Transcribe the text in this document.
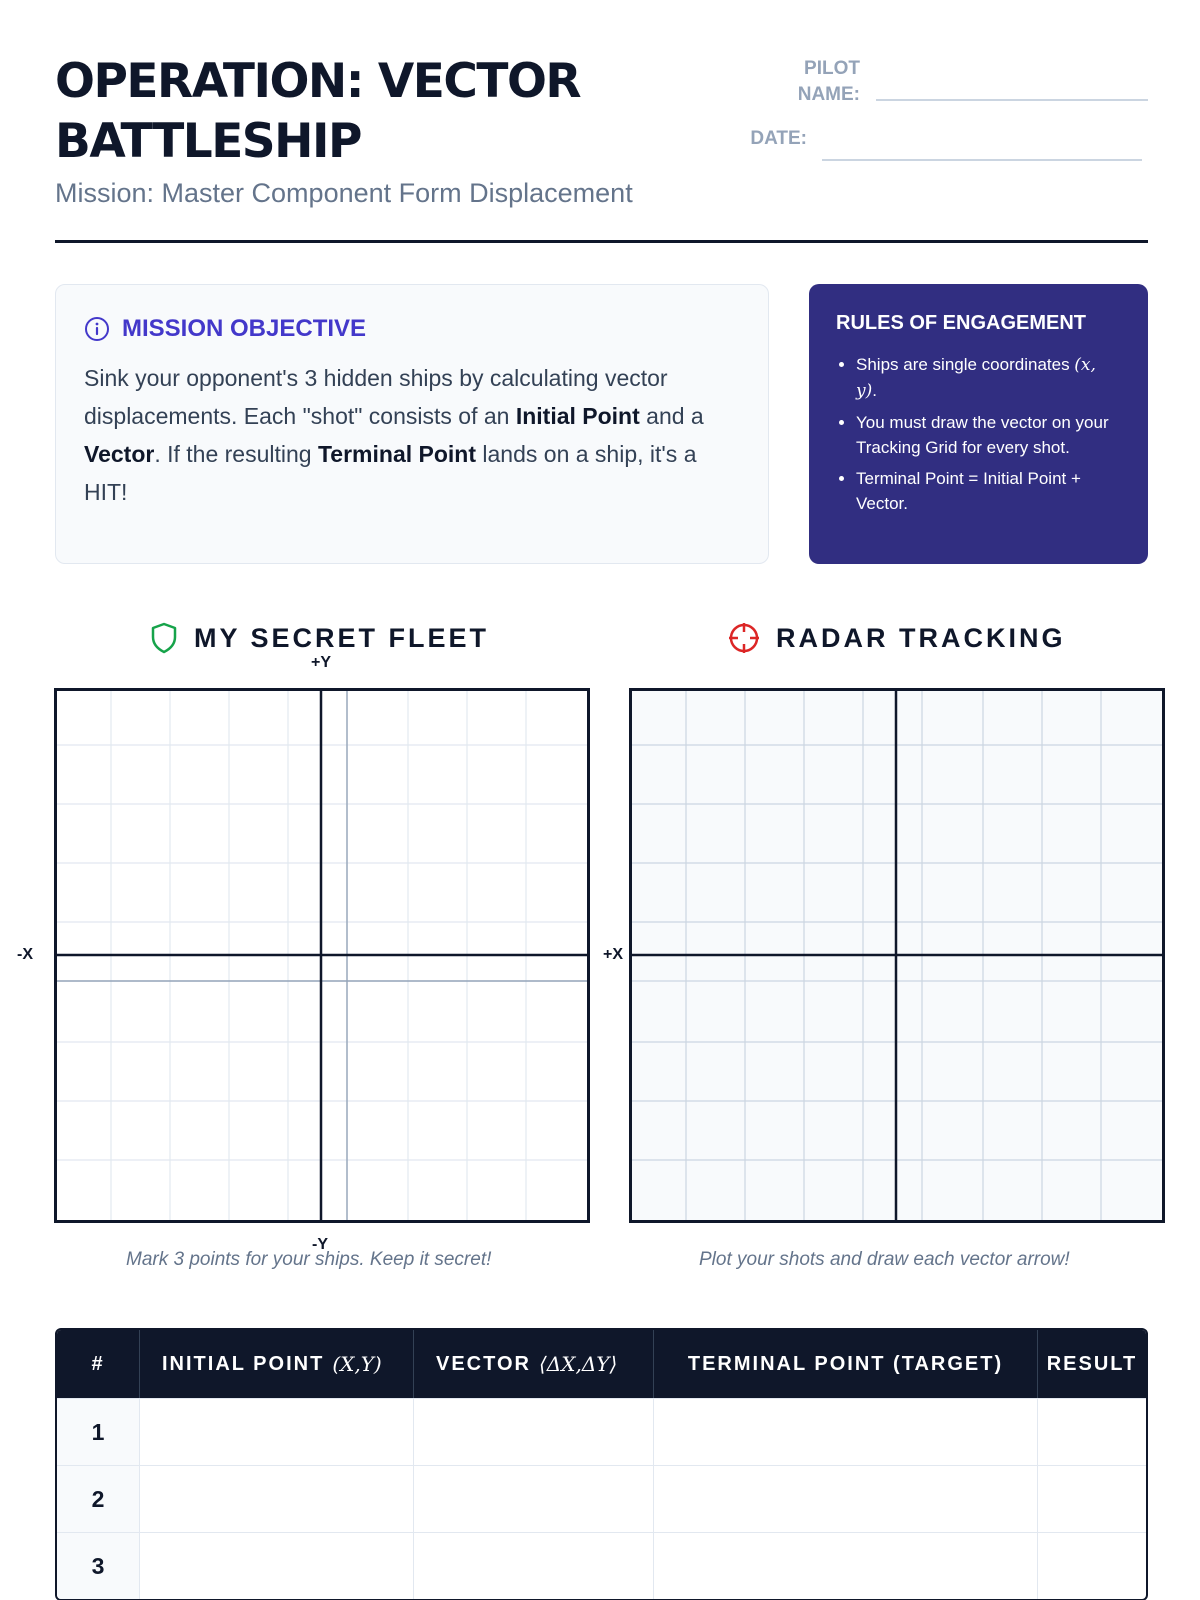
OPERATION: VECTOR
BATTLESHIP
Mission: Master Component Form Displacement
PILOT
NAME:
DATE:
MISSION OBJECTIVE
Sink your opponent's 3 hidden ships by calculating vector displacements. Each "shot" consists of an Initial Point and a Vector. If the resulting Terminal Point lands on a ship, it's a HIT!
RULES OF ENGAGEMENT
• Ships are single coordinates (x, y).
• You must draw the vector on your Tracking Grid for every shot.
• Terminal Point = Initial Point + Vector.
MY SECRET FLEET	RADAR TRACKING
+Y
-Y
-X	+X
Mark 3 points for your ships. Keep it secret!	Plot your shots and draw each vector arrow!
#	INITIAL POINT (X,Y)	VECTOR ⟨ΔX,ΔY⟩	TERMINAL POINT (TARGET)	RESULT
1
2
3
